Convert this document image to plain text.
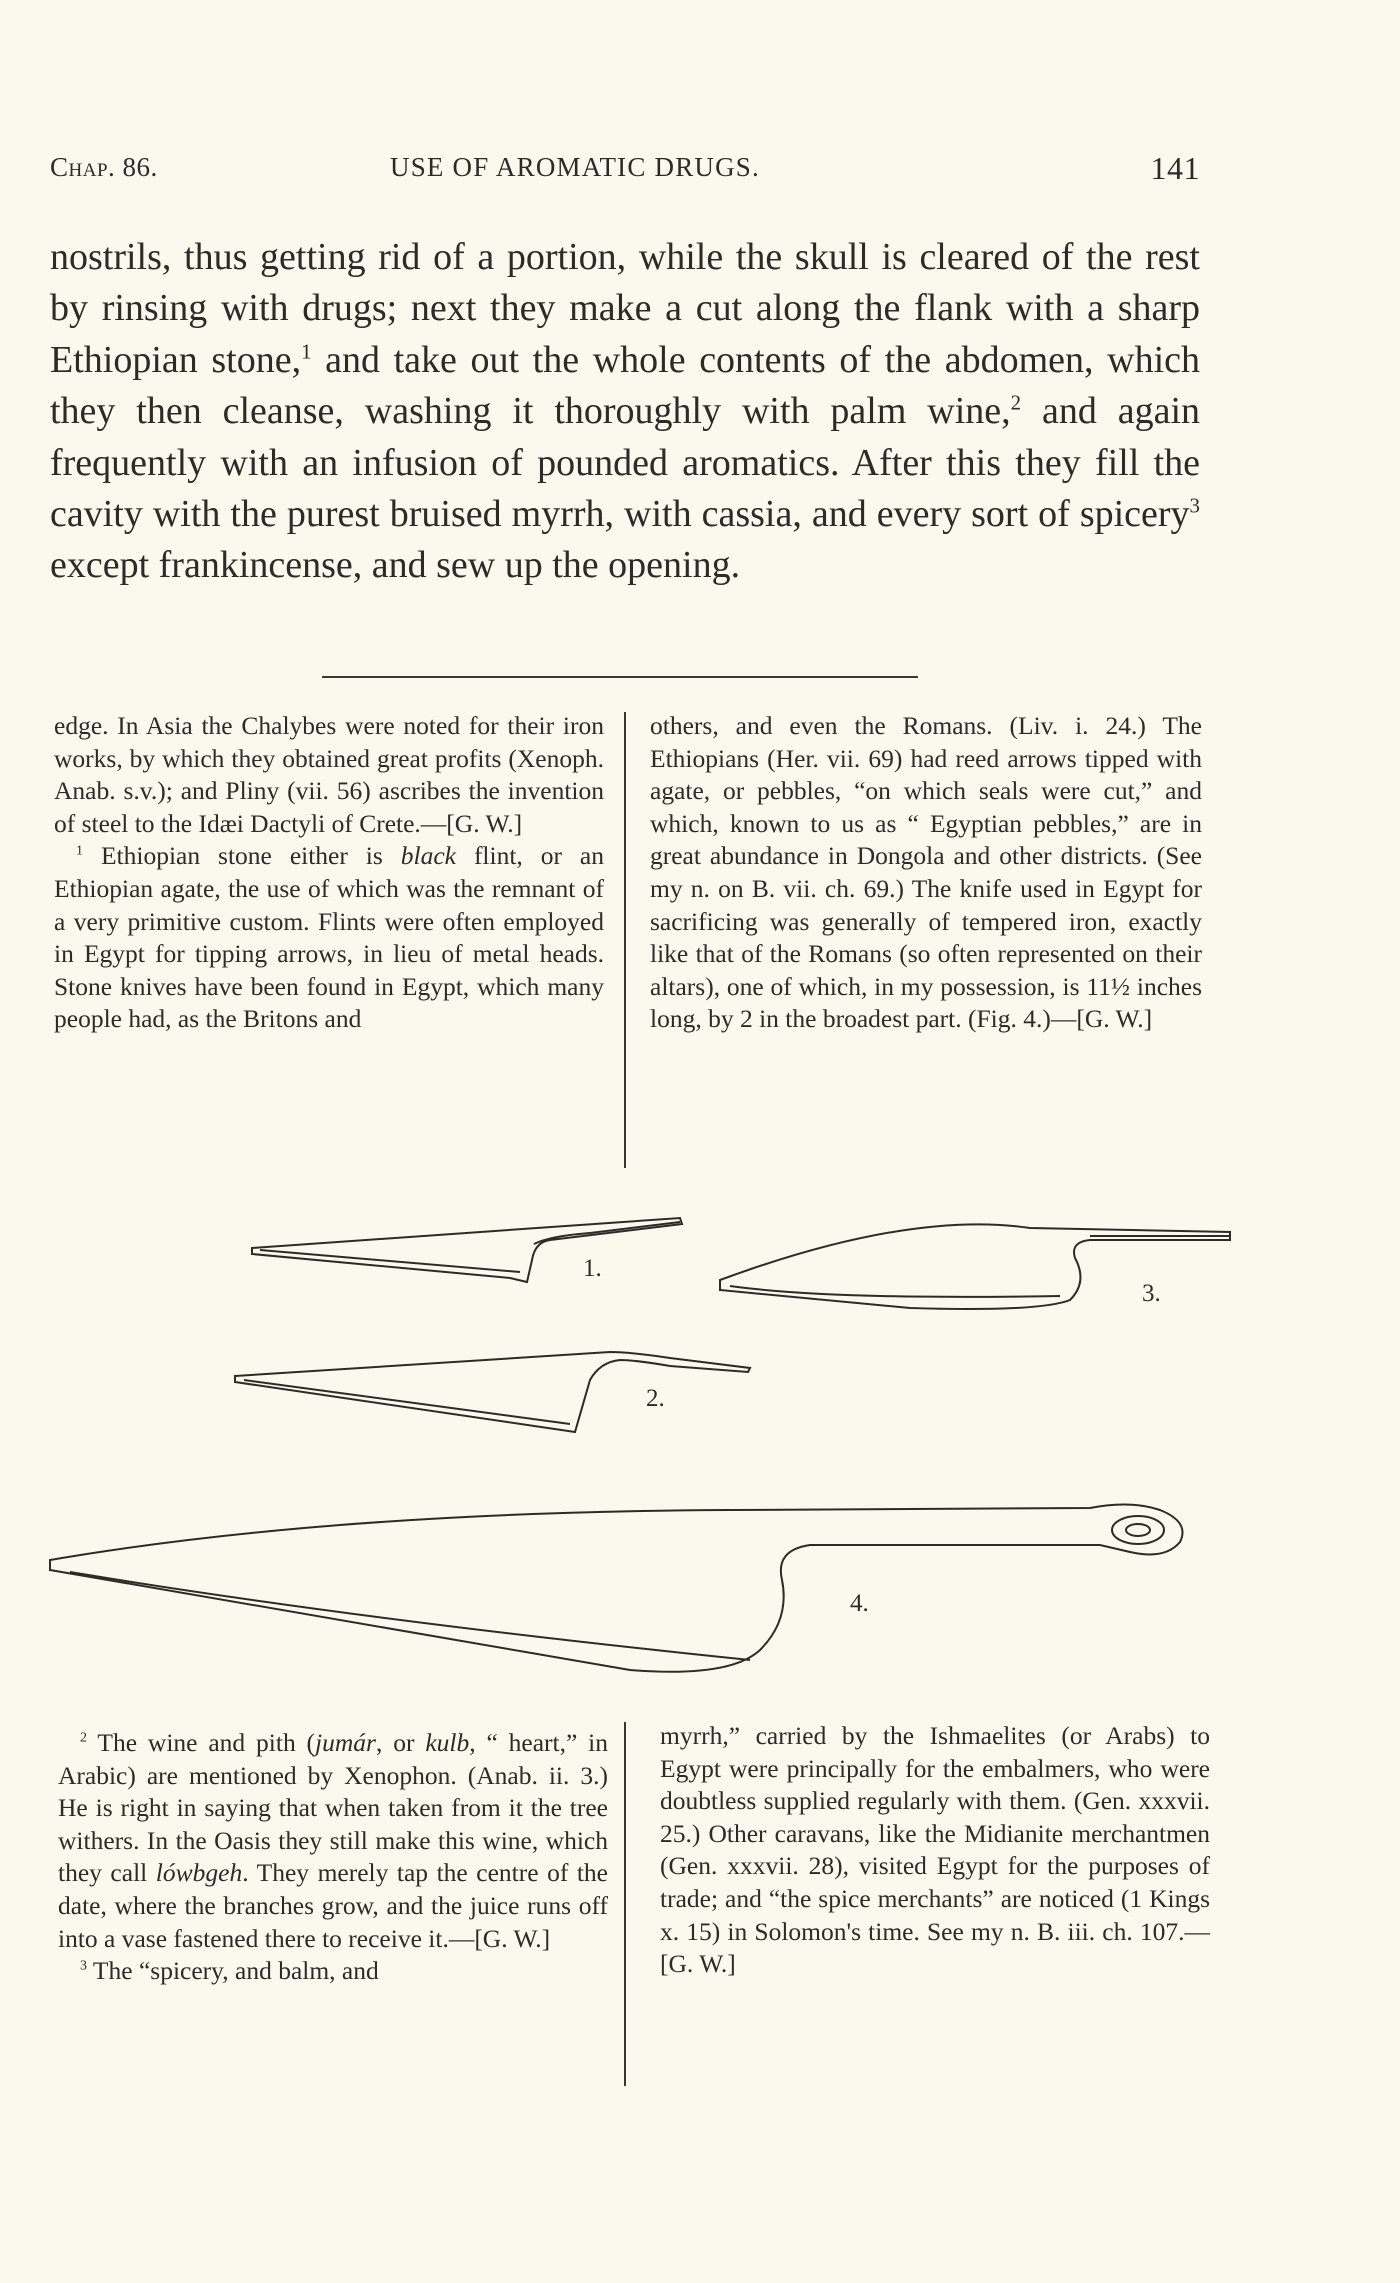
Chap. 86.	USE OF AROMATIC DRUGS.	141

nostrils, thus getting rid of a portion, while the skull is cleared of the rest by rinsing with drugs; next they make a cut along the flank with a sharp Ethiopian stone,$^1$ and take out the whole contents of the abdomen, which they then cleanse, washing it thoroughly with palm wine,$^2$ and again frequently with an infusion of pounded aromatics. After this they fill the cavity with the purest bruised myrrh, with cassia, and every sort of spicery$^3$ except frankincense, and sew up the opening.

edge. In Asia the Chalybes were noted for their iron works, by which they obtained great profits (Xenoph. Anab. s.v.); and Pliny (vii. 56) ascribes the invention of steel to the Idæi Dactyli of Crete.—[G. W.]

$^1$ Ethiopian stone either is black flint, or an Ethiopian agate, the use of which was the remnant of a very primitive custom. Flints were often employed in Egypt for tipping arrows, in lieu of metal heads. Stone knives have been found in Egypt, which many people had, as the Britons and

others, and even the Romans. (Liv. i. 24.) The Ethiopians (Her. vii. 69) had reed arrows tipped with agate, or pebbles, “on which seals were cut,” and which, known to us as “ Egyptian pebbles,” are in great abundance in Dongola and other districts. (See my n. on B. vii. ch. 69.) The knife used in Egypt for sacrificing was generally of tempered iron, exactly like that of the Romans (so often represented on their altars), one of which, in my possession, is 11½ inches long, by 2 in the broadest part. (Fig. 4.)—[G. W.]

1.
2.
3.
4.

$^2$ The wine and pith (jumár, or kulb, “ heart,” in Arabic) are mentioned by Xenophon. (Anab. ii. 3.) He is right in saying that when taken from it the tree withers. In the Oasis they still make this wine, which they call lówbgeh. They merely tap the centre of the date, where the branches grow, and the juice runs off into a vase fastened there to receive it.—[G. W.]

$^3$ The “spicery, and balm, and

myrrh,” carried by the Ishmaelites (or Arabs) to Egypt were principally for the embalmers, who were doubtless supplied regularly with them. (Gen. xxxvii. 25.) Other caravans, like the Midianite merchantmen (Gen. xxxvii. 28), visited Egypt for the purposes of trade; and “the spice merchants” are noticed (1 Kings x. 15) in Solomon's time. See my n. B. iii. ch. 107.—[G. W.]
